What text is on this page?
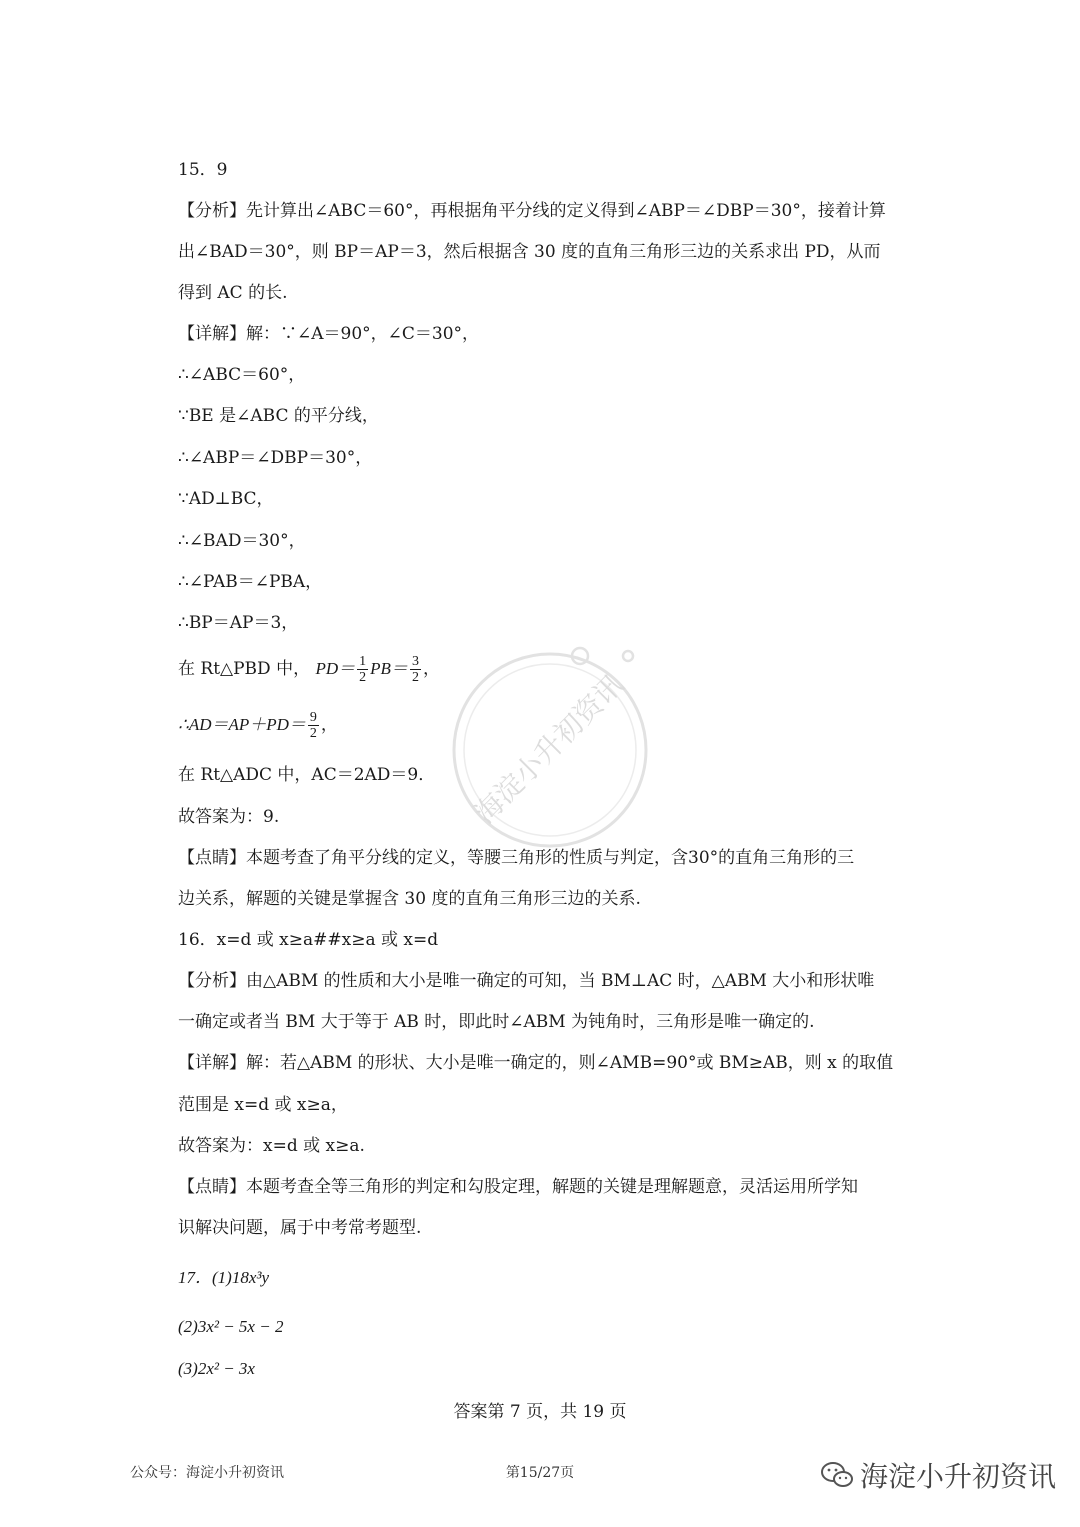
15．9
【分析】先计算出∠ABC＝60°，再根据角平分线的定义得到∠ABP＝∠DBP＝30°，接着计算
出∠BAD＝30°，则 BP＝AP＝3，然后根据含 30 度的直角三角形三边的关系求出 PD，从而
得到 AC 的长.
【详解】解：∵∠A＝90°，∠C＝30°，
∴∠ABC＝60°，
∵BE 是∠ABC 的平分线，
∴∠ABP＝∠DBP＝30°，
∵AD⊥BC，
∴∠BAD＝30°，
∴∠PAB＝∠PBA，
∴BP＝AP＝3，
在 Rt△PBD 中， $PD= \frac{1}{2} PB= \frac{3}{2}$ ，
∴AD＝AP＋PD＝ $\frac{9}{2}$ ，
在 Rt△ADC 中，AC＝2AD＝9．
故答案为：9.
【点睛】本题考查了角平分线的定义，等腰三角形的性质与判定，含30°的直角三角形的三
边关系，解题的关键是掌握含 30 度的直角三角形三边的关系.
16．x=d 或 x≥a##x≥a 或 x=d
【分析】由△ABM 的性质和大小是唯一确定的可知，当 BM⊥AC 时，△ABM 大小和形状唯
一确定或者当 BM 大于等于 AB 时，即此时∠ABM 为钝角时，三角形是唯一确定的.
【详解】解：若△ABM 的形状、大小是唯一确定的，则∠AMB=90°或 BM≥AB，则 x 的取值
范围是 x=d 或 x≥a，
故答案为：x=d 或 x≥a.
【点睛】本题考查全等三角形的判定和勾股定理，解题的关键是理解题意，灵活运用所学知
识解决问题，属于中考常考题型.
17．(1)18x³y
(2)3x² − 5x − 2
(3)2x² − 3x
答案第 7 页，共 19 页
海淀小升初资讯
公众号：海淀小升初资讯	第15/27页	海淀小升初资讯
